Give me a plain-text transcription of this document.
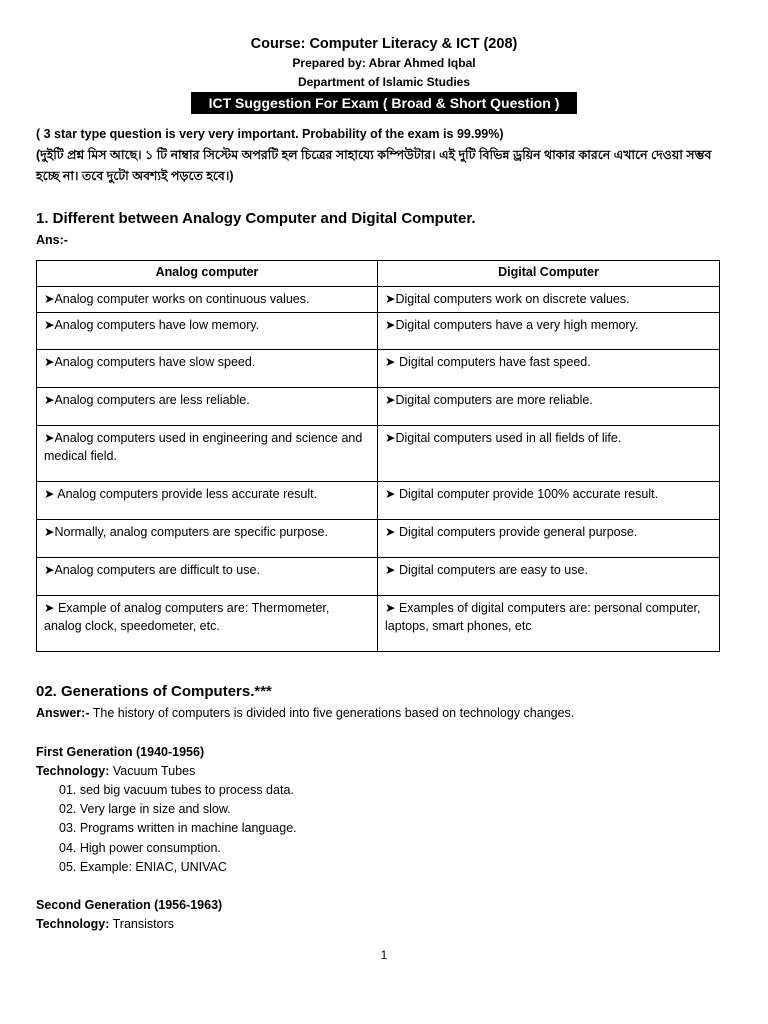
Course: Computer Literacy & ICT (208)
Prepared by: Abrar Ahmed Iqbal
Department of Islamic Studies
ICT Suggestion For Exam ( Broad & Short Question )
( 3 star type question is very very important. Probability of the exam is 99.99%)
(দুইটি প্রশ্ন মিস আছে। ১ টি নাম্বার সিস্টেম অপরটি হল চিত্রের সাহায্যে কম্পিউটার। এই দুটি বিভিন্ন ড্রয়িন থাকার কারনে এখানে দেওয়া সম্ভব হচ্ছে না। তবে দুটো অবশ্যই পড়তে হবে।)
1. Different between Analogy Computer and Digital Computer.
Ans:-
Analog computer	Digital Computer
➤Analog computer works on continuous values.	➤Digital computers work on discrete values.
➤Analog computers have low memory.	➤Digital computers have a very high memory.
➤Analog computers have slow speed.	➤ Digital computers have fast speed.
➤Analog computers are less reliable.	➤Digital computers are more reliable.
➤Analog computers used in engineering and science and medical field.	➤Digital computers used in all fields of life.
➤ Analog computers provide less accurate result.	➤ Digital computer provide 100% accurate result.
➤Normally, analog computers are specific purpose.	➤ Digital computers provide general purpose.
➤Analog computers are difficult to use.	➤ Digital computers are easy to use.
➤ Example of analog computers are: Thermometer, analog clock, speedometer, etc.	➤ Examples of digital computers are: personal computer, laptops, smart phones, etc
02. Generations of Computers.***
Answer:- The history of computers is divided into five generations based on technology changes.
First Generation (1940-1956)
Technology: Vacuum Tubes
01. sed big vacuum tubes to process data.
02. Very large in size and slow.
03. Programs written in machine language.
04. High power consumption.
05. Example: ENIAC, UNIVAC
Second Generation (1956-1963)
Technology: Transistors
1
